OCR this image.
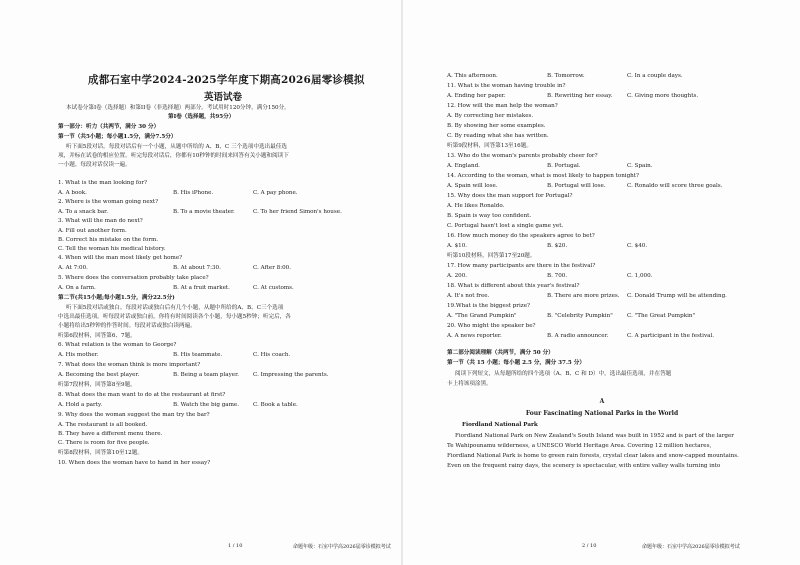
成都石室中学2024-2025学年度下期高2026届零诊模拟
英语试卷
本试卷分第I卷（选择题）和第II卷（非选择题）两部分。考试用时120分钟，满分150分。
第I卷（选择题，共95分）
第一部分：听力（共两节，满分 30 分）
第一节（共5小题；每小题1.5分，满分7.5分）
听下面5段对话。每段对话后有一个小题，从题中所给的 A、B、C 三个选项中选出最佳选
项，并标在试卷的相应位置。听完每段对话后，你都有10秒钟的时间来回答有关小题和阅读下
一小题。每段对话仅读一遍。
1. What is the man looking for?
A. A book.	B. His iPhone.	C. A pay phone.
2. Where is the woman going next?
A. To a snack bar.	B. To a movie theater.	C. To her friend Simon's house.
3. What will the man do next?
A. Fill out another form.
B. Correct his mistake on the form.
C. Tell the woman his medical history.
4. When will the man most likely get home?
A. At 7:00.	B. At about 7:30.	C. After 8:00.
5. Where does the conversation probably take place?
A. On a farm.	B. At a fruit market.	C. At customs.
第二节(共15小题;每小题1.5分，满分22.5分)
听下面5段对话或独白。每段对话或独白后有几个小题，从题中所给的A、B、C三个选项
中选出最佳选项。听每段对话或独白前，你将有时间阅读各个小题，每小题5秒钟；听完后，各
小题将给出5秒钟的作答时间。每段对话或独白读两遍。
听第6段材料，回答第6、7题。
6. What relation is the woman to George?
A. His mother.	B. His teammate.	C. His coach.
7. What does the woman think is more important?
A. Becoming the best player.	B. Being a team player.	C. Impressing the parents.
听第7段材料，回答第8至9题。
8. What does the man want to do at the restaurant at first?
A. Hold a party.	B. Watch the big game. C. Book a table.
9. Why does the woman suggest the man try the bar?
A. The restaurant is all booked.
B. They have a different menu there.
C. There is room for five people.
听第8段材料，回答第10至12题。
10. When does the woman have to hand in her essay?
1 / 10	命题年级：石室中学高2026届零诊模拟考试
A. This afternoon.	B. Tomorrow.	C. In a couple days.
11. What is the woman having trouble in?
A. Ending her paper.	B. Rewriting her essay.	C. Giving more thoughts.
12. How will the man help the woman?
A. By correcting her mistakes.
B. By showing her some examples.
C. By reading what she has written.
听第9段材料，回答第13至16题。
13. Who do the woman's parents probably cheer for?
A. England.	B. Portugal.	C. Spain.
14. According to the woman, what is most likely to happen tonight?
A. Spain will lose.	B. Portugal will lose.	C. Ronaldo will score three goals.
15. Why does the man support for Portugal?
A. He likes Ronaldo.
B. Spain is way too confident.
C. Portugal hasn't lost a single game yet.
16. How much money do the speakers agree to bet?
A. $10.	B. $20.	C. $40.
听第10段材料，回答第17至20题。
17. How many participants are there in the festival?
A. 200.	B. 700.	C. 1,000.
18. What is different about this year's festival?
A. It's not free.	B. There are more prizes. C. Donald Trump will be attending.
19.What is the biggest prize?
A. "The Grand Pumpkin"	B. "Celebrity Pumpkin"	C. "The Great Pumpkin"
20. Who might the speaker be?
A. A news reporter.	B. A radio announcer.	C. A participant in the festival.
第二部分阅读理解（共两节，满分 50 分）
第一节（共 15 小题；每小题 2.5 分，满分 37.5 分）
阅读下列短文，从每题所给的四个选项（A、B、C 和 D）中，选出最佳选项，并在答题
卡上将该项涂黑。
A
Four Fascinating National Parks in the World
Fiordland National Park
Fiordland National Park on New Zealand's South Island was built in 1952 and is part of the larger
Te Wahipounamu wilderness, a UNESCO World Heritage Area. Covering 12 million hectares,
Fiordland National Park is home to green rain forests, crystal clear lakes and snow-capped mountains.
Even on the frequent rainy days, the scenery is spectacular, with entire valley walls turning into
2 / 10	命题年级：石室中学高2026届零诊模拟考试
